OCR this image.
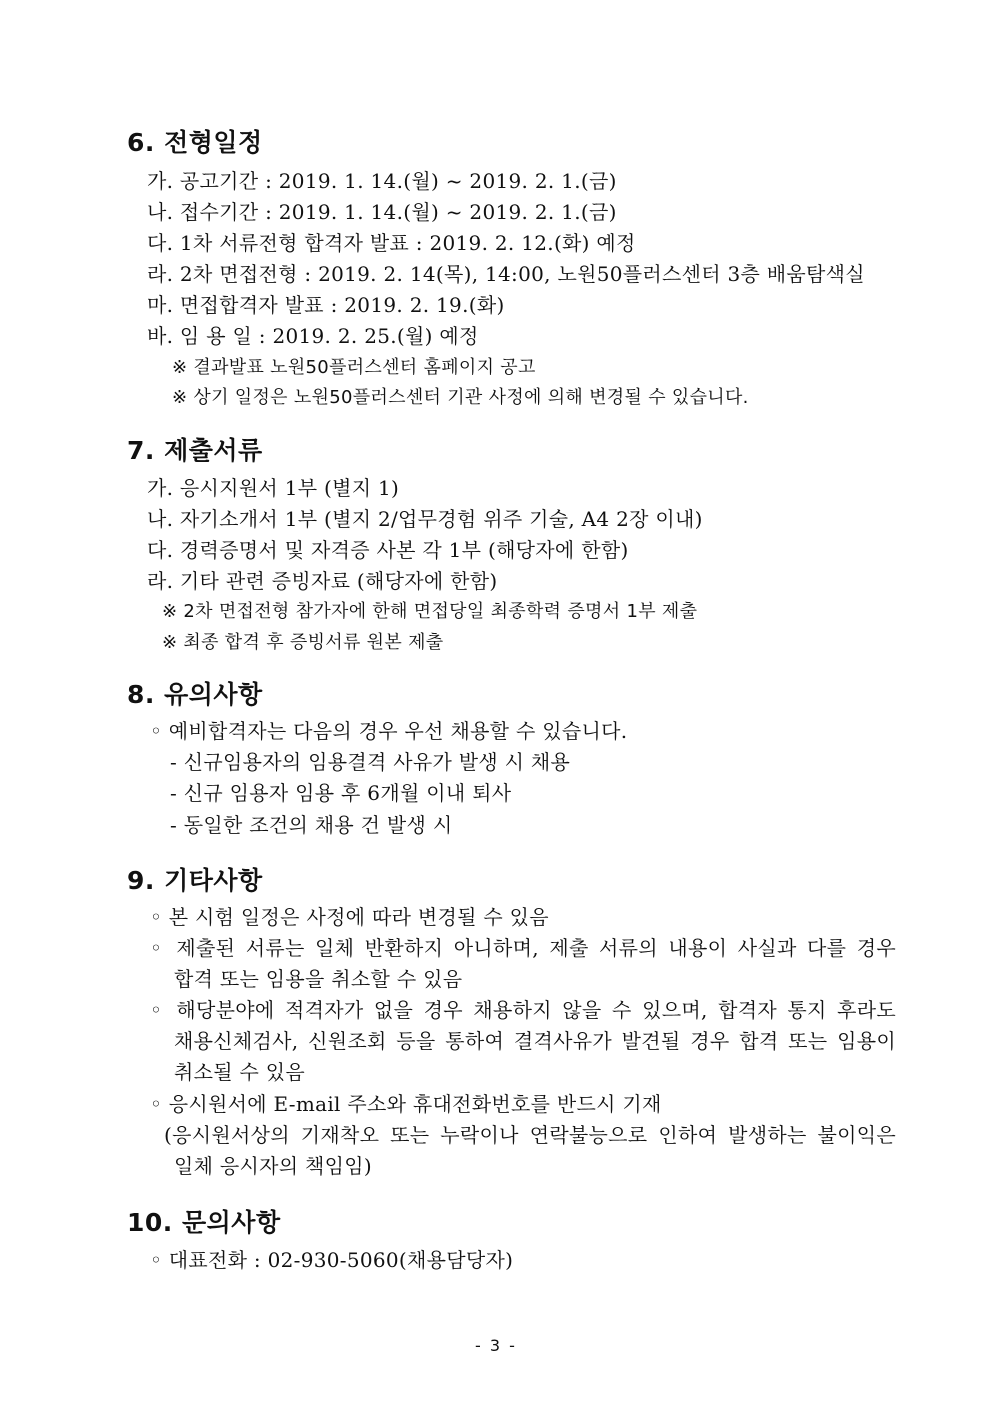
6. 전형일정
가. 공고기간 : 2019. 1. 14.(월) ~ 2019. 2. 1.(금)
나. 접수기간 : 2019. 1. 14.(월) ~ 2019. 2. 1.(금)
다. 1차 서류전형 합격자 발표 : 2019. 2. 12.(화) 예정
라. 2차 면접전형 : 2019. 2. 14(목), 14:00, 노원50플러스센터 3층 배움탐색실
마. 면접합격자 발표 : 2019. 2. 19.(화)
바. 임 용 일 : 2019. 2. 25.(월) 예정
※ 결과발표 노원50플러스센터 홈페이지 공고
※ 상기 일정은 노원50플러스센터 기관 사정에 의해 변경될 수 있습니다.
7. 제출서류
가. 응시지원서 1부 (별지 1)
나. 자기소개서 1부 (별지 2/업무경험 위주 기술, A4 2장 이내)
다. 경력증명서 및 자격증 사본 각 1부 (해당자에 한함)
라. 기타 관련 증빙자료 (해당자에 한함)
※ 2차 면접전형 참가자에 한해 면접당일 최종학력 증명서 1부 제출
※ 최종 합격 후 증빙서류 원본 제출
8. 유의사항
◦ 예비합격자는 다음의 경우 우선 채용할 수 있습니다.
- 신규임용자의 임용결격 사유가 발생 시 채용
- 신규 임용자 임용 후 6개월 이내 퇴사
- 동일한 조건의 채용 건 발생 시
9. 기타사항
◦ 본 시험 일정은 사정에 따라 변경될 수 있음
◦ 제출된 서류는 일체 반환하지 아니하며, 제출 서류의 내용이 사실과 다를 경우
합격 또는 임용을 취소할 수 있음
◦ 해당분야에 적격자가 없을 경우 채용하지 않을 수 있으며, 합격자 통지 후라도
채용신체검사, 신원조회 등을 통하여 결격사유가 발견될 경우 합격 또는 임용이
취소될 수 있음
◦ 응시원서에 E-mail 주소와 휴대전화번호를 반드시 기재
(응시원서상의 기재착오 또는 누락이나 연락불능으로 인하여 발생하는 불이익은
일체 응시자의 책임임)
10. 문의사항
◦ 대표전화 : 02-930-5060(채용담당자)
- 3 -
